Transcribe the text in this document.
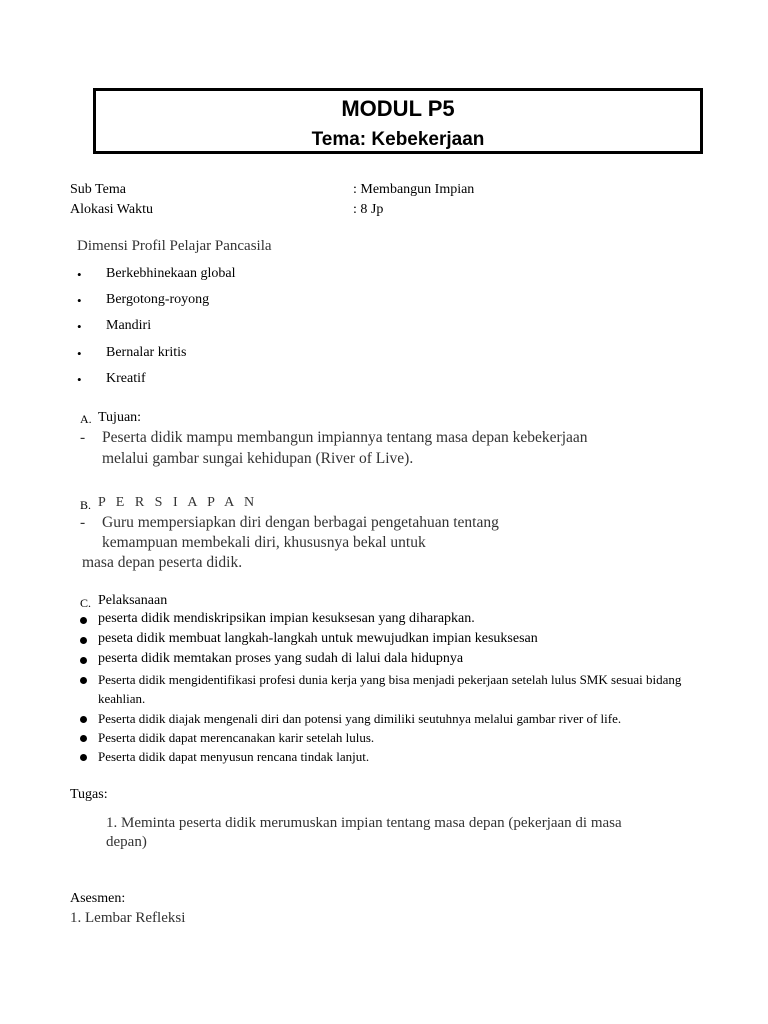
MODUL P5
Tema: Kebekerjaan
Sub Tema	: Membangun Impian
Alokasi Waktu	: 8 Jp
Dimensi Profil Pelajar Pancasila
• Berkebhinekaan global
• Bergotong-royong
• Mandiri
• Bernalar kritis
• Kreatif
A. Tujuan:
- Peserta didik mampu membangun impiannya tentang masa depan kebekerjaan
melalui gambar sungai kehidupan (River of Live).
B. P E R S I A P A N
- Guru mempersiapkan diri dengan berbagai pengetahuan tentang
kemampuan membekali diri, khususnya bekal untuk
masa depan peserta didik.
C. Pelaksanaan
peserta didik mendiskripsikan impian kesuksesan yang diharapkan.
peseta didik membuat langkah-langkah untuk mewujudkan impian kesuksesan
peserta didik memtakan proses yang sudah di lalui dala hidupnya
Peserta didik mengidentifikasi profesi dunia kerja yang bisa menjadi pekerjaan setelah lulus SMK sesuai bidang
keahlian.
Peserta didik diajak mengenali diri dan potensi yang dimiliki seutuhnya melalui gambar river of life.
Peserta didik dapat merencanakan karir setelah lulus.
Peserta didik dapat menyusun rencana tindak lanjut.
Tugas:
1. Meminta peserta didik merumuskan impian tentang masa depan (pekerjaan di masa
depan)
Asesmen:
1. Lembar Refleksi
